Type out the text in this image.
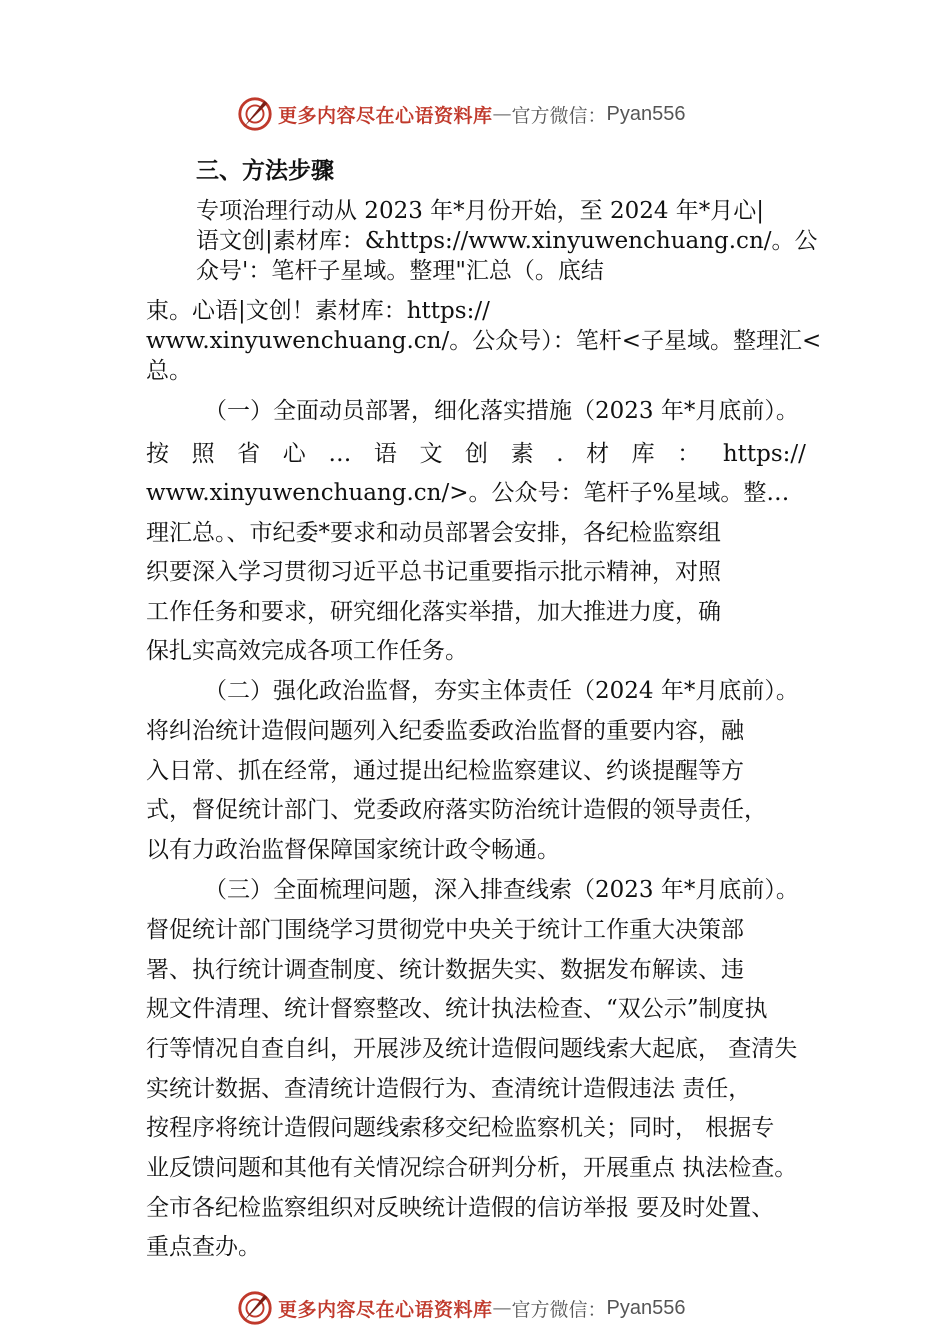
更多内容尽在心语资料库 — 官方微信： Pyan556
三、方法步骤
专项治理行动从 2023 年*月份开始，至 2024 年*月心|
语文创|素材库：&https://www.xinyuwenchuang.cn/。公
众号'：笔杆子星域。整理"汇总（。底结
束。心语|文创！素材库：https://
www.xinyuwenchuang.cn/。公众号）：笔杆<子星域。整理汇<
总。
（一）全面动员部署，细化落实措施（2023 年*月底前）。
按 照 省 心 … 语 文 创 素 . 材 库 ： https://
www.xinyuwenchuang.cn/>。公众号：笔杆子%星域。整…
理汇总。、市纪委*要求和动员部署会安排，各纪检监察组
织要深入学习贯彻习近平总书记重要指示批示精神，对照
工作任务和要求，研究细化落实举措，加大推进力度，确
保扎实高效完成各项工作任务。
（二）强化政治监督，夯实主体责任（2024 年*月底前）。
将纠治统计造假问题列入纪委监委政治监督的重要内容，融
入日常、抓在经常，通过提出纪检监察建议、约谈提醒等方
式，督促统计部门、党委政府落实防治统计造假的领导责任，
以有力政治监督保障国家统计政令畅通。
（三）全面梳理问题，深入排查线索（2023 年*月底前）。
督促统计部门围绕学习贯彻党中央关于统计工作重大决策部
署、执行统计调查制度、统计数据失实、数据发布解读、违
规文件清理、统计督察整改、统计执法检查、“双公示”制度执
行等情况自查自纠，开展涉及统计造假问题线索大起底， 查清失
实统计数据、查清统计造假行为、查清统计造假违法 责任，
按程序将统计造假问题线索移交纪检监察机关；同时， 根据专
业反馈问题和其他有关情况综合研判分析，开展重点 执法检查。
全市各纪检监察组织对反映统计造假的信访举报 要及时处置、
重点查办。
更多内容尽在心语资料库 — 官方微信： Pyan556
